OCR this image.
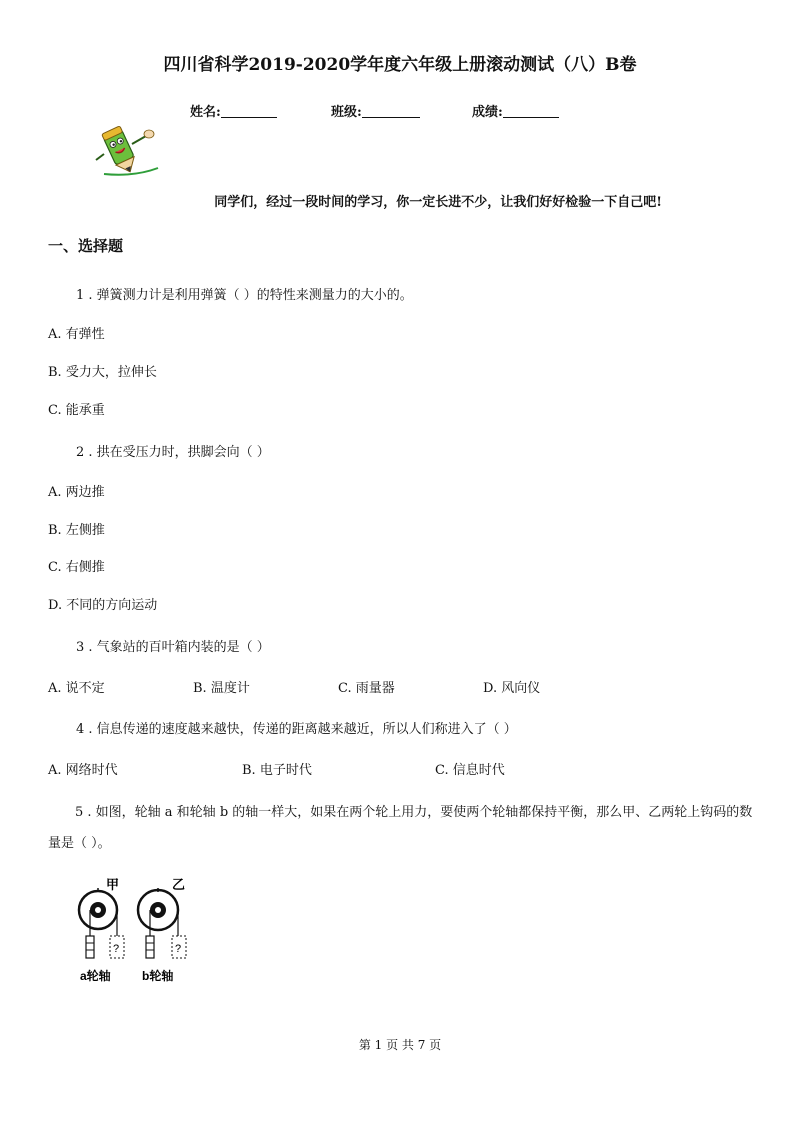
四川省科学2019-2020学年度六年级上册滚动测试（八）B卷
姓名:	班级:	成绩:
同学们，经过一段时间的学习，你一定长进不少，让我们好好检验一下自己吧!
一、选择题
1 . 弹簧测力计是利用弹簧（ ）的特性来测量力的大小的。
A. 有弹性
B. 受力大，拉伸长
C. 能承重
2 . 拱在受压力时，拱脚会向（ ）
A. 两边推
B. 左侧推
C. 右侧推
D. 不同的方向运动
3 . 气象站的百叶箱内装的是（ ）
A. 说不定	B. 温度计	C. 雨量器	D. 风向仪
4 . 信息传递的速度越来越快，传递的距离越来越近，所以人们称进入了（ ）
A. 网络时代	B. 电子时代	C. 信息时代
5 . 如图，轮轴 a 和轮轴 b 的轴一样大，如果在两个轮上用力，要使两个轮轴都保持平衡，那么甲、乙两轮上钩码的数量是（ ）。
甲	乙
?	?
a轮轴	b轮轴
第 1 页 共 7 页
